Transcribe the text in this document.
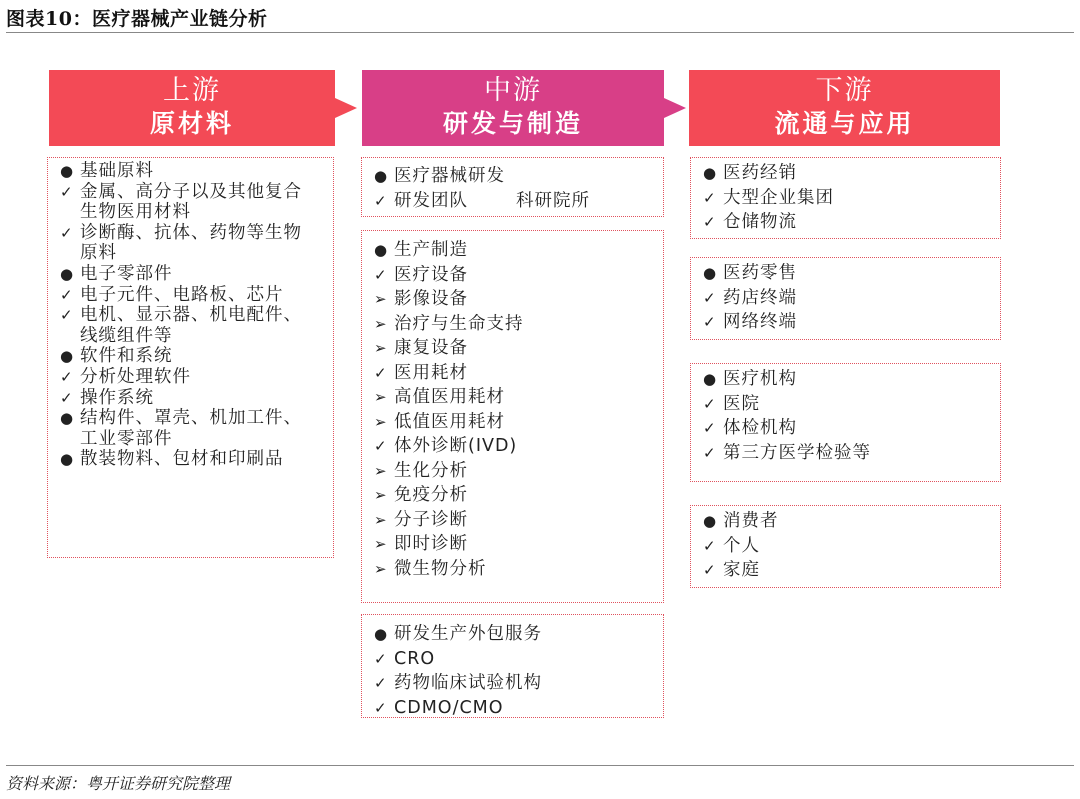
图表10：医疗器械产业链分析
上游
原材料
中游
研发与制造
下游
流通与应用
● 基础原料
✓ 金属、高分子以及其他复合生物医用材料
✓ 诊断酶、抗体、药物等生物原料
● 电子零部件
✓ 电子元件、电路板、芯片
✓ 电机、显示器、机电配件、线缆组件等
● 软件和系统
✓ 分析处理软件
✓ 操作系统
● 结构件、罩壳、机加工件、工业零部件
● 散装物料、包材和印刷品
● 医疗器械研发
✓ 研发团队	科研院所
● 生产制造
✓ 医疗设备
➢ 影像设备
➢ 治疗与生命支持
➢ 康复设备
✓ 医用耗材
➢ 高值医用耗材
➢ 低值医用耗材
✓ 体外诊断(IVD)
➢ 生化分析
➢ 免疫分析
➢ 分子诊断
➢ 即时诊断
➢ 微生物分析
● 研发生产外包服务
✓ CRO
✓ 药物临床试验机构
✓ CDMO/CMO
● 医药经销
✓ 大型企业集团
✓ 仓储物流
● 医药零售
✓ 药店终端
✓ 网络终端
● 医疗机构
✓ 医院
✓ 体检机构
✓ 第三方医学检验等
● 消费者
✓ 个人
✓ 家庭
资料来源：粤开证券研究院整理
